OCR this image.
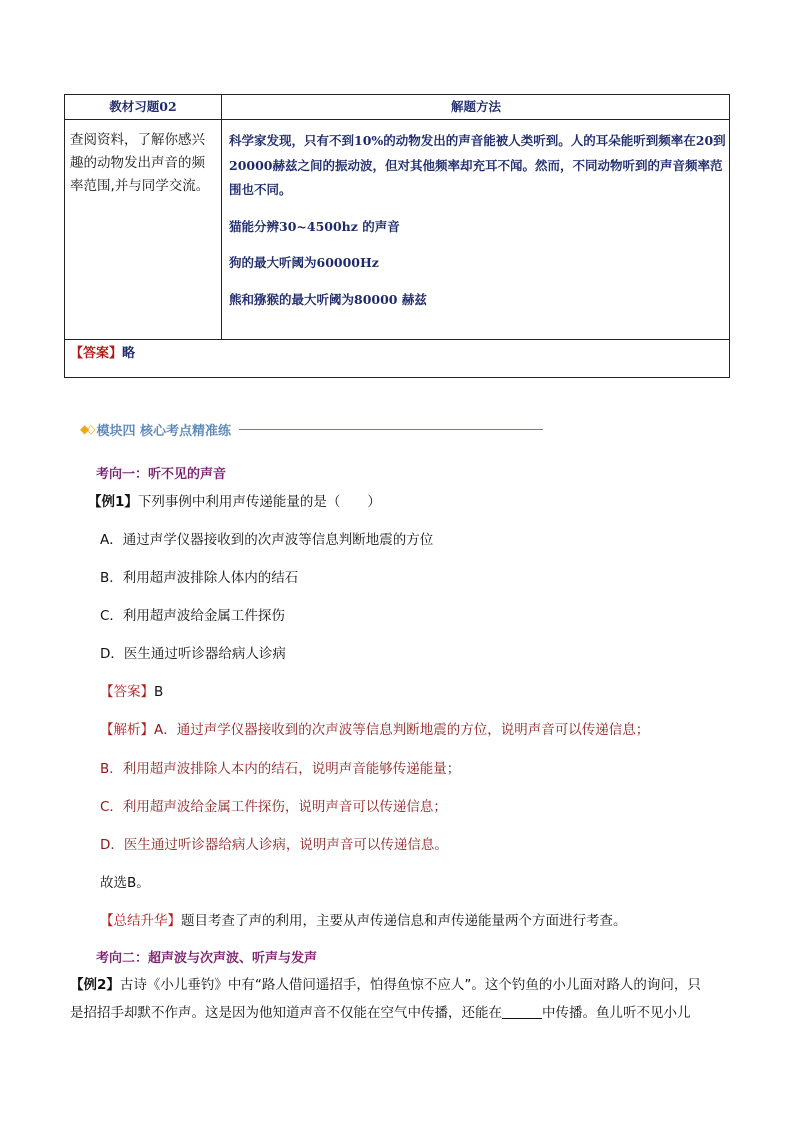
教材习题02	解题方法
查阅资料，了解你感兴趣的动物发出声音的频率范围,并与同学交流。

科学家发现，只有不到10%的动物发出的声音能被人类听到。人的耳朵能听到频率在20到20000赫兹之间的振动波，但对其他频率却充耳不闻。然而，不同动物听到的声音频率范围也不同。

猫能分辨30~4500hz 的声音

狗的最大听阈为60000Hz

熊和猕猴的最大听阈为80000 赫兹

【答案】略
◆◇ 模块四 核心考点精准练
考向一：听不见的声音
【例1】下列事例中利用声传递能量的是（　　）
A．通过声学仪器接收到的次声波等信息判断地震的方位
B．利用超声波排除人体内的结石
C．利用超声波给金属工件探伤
D．医生通过听诊器给病人诊病
【答案】B
【解析】A．通过声学仪器接收到的次声波等信息判断地震的方位，说明声音可以传递信息；
B．利用超声波排除人本内的结石，说明声音能够传递能量；
C．利用超声波给金属工件探伤，说明声音可以传递信息；
D．医生通过听诊器给病人诊病，说明声音可以传递信息。
故选B。
【总结升华】题目考查了声的利用，主要从声传递信息和声传递能量两个方面进行考查。
考向二：超声波与次声波、听声与发声
【例2】古诗《小儿垂钓》中有“路人借问遥招手，怕得鱼惊不应人”。这个钓鱼的小儿面对路人的询问，只
是招招手却默不作声。这是因为他知道声音不仅能在空气中传播，还能在	中传播。鱼儿听不见小儿
